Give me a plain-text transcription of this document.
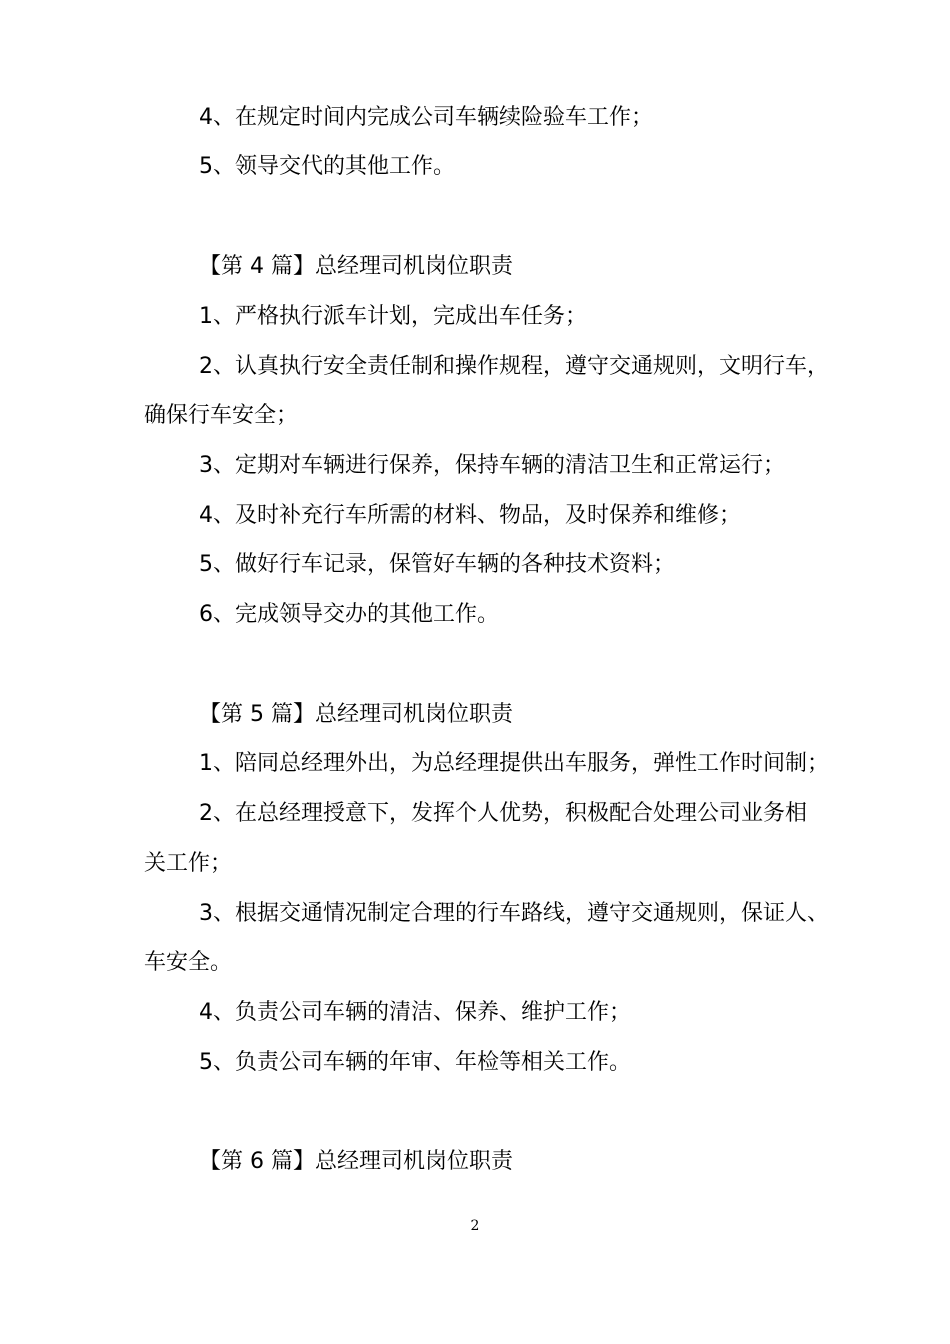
4、在规定时间内完成公司车辆续险验车工作；
5、领导交代的其他工作。
【第 4 篇】总经理司机岗位职责
1、严格执行派车计划，完成出车任务；
2、认真执行安全责任制和操作规程，遵守交通规则，文明行车，
确保行车安全；
3、定期对车辆进行保养，保持车辆的清洁卫生和正常运行；
4、及时补充行车所需的材料、物品，及时保养和维修；
5、做好行车记录，保管好车辆的各种技术资料；
6、完成领导交办的其他工作。
【第 5 篇】总经理司机岗位职责
1、陪同总经理外出，为总经理提供出车服务，弹性工作时间制；
2、在总经理授意下，发挥个人优势，积极配合处理公司业务相
关工作；
3、根据交通情况制定合理的行车路线，遵守交通规则，保证人、
车安全。
4、负责公司车辆的清洁、保养、维护工作；
5、负责公司车辆的年审、年检等相关工作。
【第 6 篇】总经理司机岗位职责
2
